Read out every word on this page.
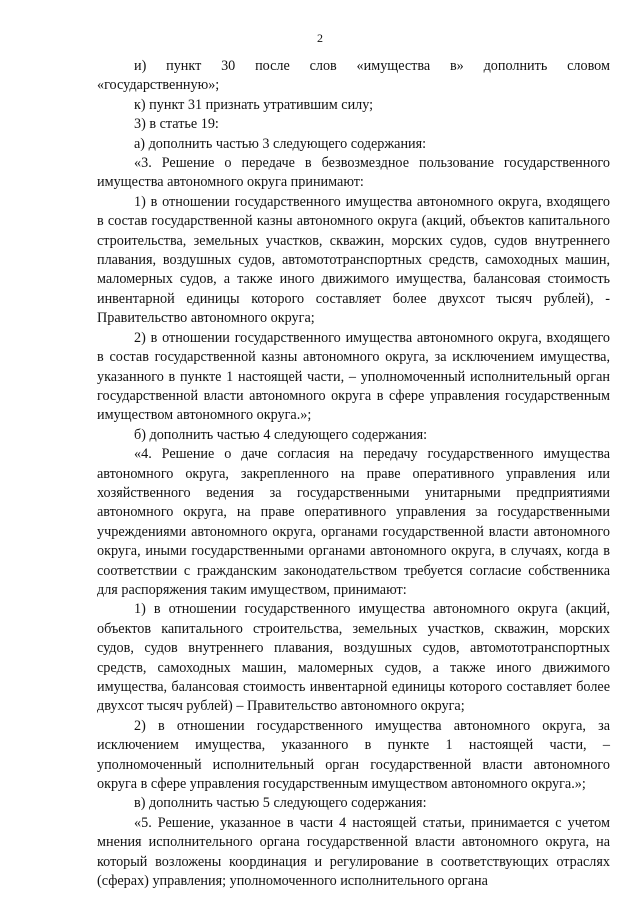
2

и) пункт 30 после слов «имущества в» дополнить словом «государственную»;

к) пункт 31 признать утратившим силу;

3) в статье 19:

а) дополнить частью 3 следующего содержания:

«3. Решение о передаче в безвозмездное пользование государственного имущества автономного округа принимают:

1) в отношении государственного имущества автономного округа, входящего в состав государственной казны автономного округа (акций, объектов капитального строительства, земельных участков, скважин, морских судов, судов внутреннего плавания, воздушных судов, автомототранспортных средств, самоходных машин, маломерных судов, а также иного движимого имущества, балансовая стоимость инвентарной единицы которого составляет более двухсот тысяч рублей), - Правительство автономного округа;

2) в отношении государственного имущества автономного округа, входящего в состав государственной казны автономного округа, за исключением имущества, указанного в пункте 1 настоящей части, – уполномоченный исполнительный орган государственной власти автономного округа в сфере управления государственным имуществом автономного округа.»;

б) дополнить частью 4 следующего содержания:

«4. Решение о даче согласия на передачу государственного имущества автономного округа, закрепленного на праве оперативного управления или хозяйственного ведения за государственными унитарными предприятиями автономного округа, на праве оперативного управления за государственными учреждениями автономного округа, органами государственной власти автономного округа, иными государственными органами автономного округа, в случаях, когда в соответствии с гражданским законодательством требуется согласие собственника для распоряжения таким имуществом, принимают:

1) в отношении государственного имущества автономного округа (акций, объектов капитального строительства, земельных участков, скважин, морских судов, судов внутреннего плавания, воздушных судов, автомототранспортных средств, самоходных машин, маломерных судов, а также иного движимого имущества, балансовая стоимость инвентарной единицы которого составляет более двухсот тысяч рублей) – Правительство автономного округа;

2) в отношении государственного имущества автономного округа, за исключением имущества, указанного в пункте 1 настоящей части, – уполномоченный исполнительный орган государственной власти автономного округа в сфере управления государственным имуществом автономного округа.»;

в) дополнить частью 5 следующего содержания:

«5. Решение, указанное в части 4 настоящей статьи, принимается с учетом мнения исполнительного органа государственной власти автономного округа, на который возложены координация и регулирование в соответствующих отраслях (сферах) управления; уполномоченного исполнительного органа
